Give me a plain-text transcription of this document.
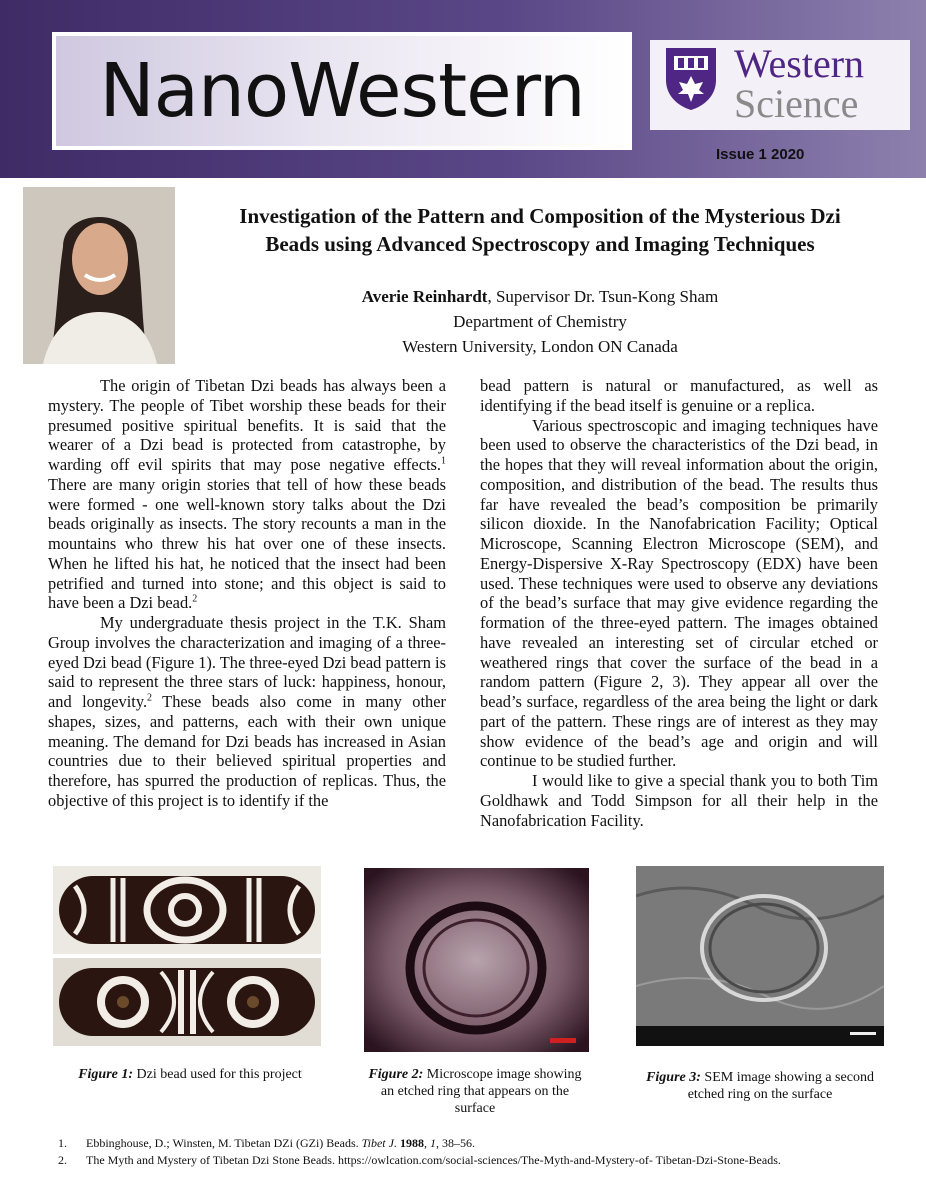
NanoWestern	Western
Science
Issue 1 2020
Investigation of the Pattern and Composition of the Mysterious Dzi
Beads using Advanced Spectroscopy and Imaging Techniques
Averie Reinhardt, Supervisor Dr. Tsun-Kong Sham
Department of Chemistry
Western University, London ON Canada

The origin of Tibetan Dzi beads has always been a mystery. The people of Tibet worship these beads for their presumed positive spiritual benefits. It is said that the wearer of a Dzi bead is protected from catastrophe, by warding off evil spirits that may pose negative effects.$^1$ There are many origin stories that tell of how these beads were formed - one well-known story talks about the Dzi beads originally as insects. The story recounts a man in the mountains who threw his hat over one of these insects. When he lifted his hat, he noticed that the insect had been petrified and turned into stone; and this object is said to have been a Dzi bead.$^2$

My undergraduate thesis project in the T.K. Sham Group involves the characterization and imaging of a three-eyed Dzi bead (Figure 1). The three-eyed Dzi bead pattern is said to represent the three stars of luck: happiness, honour, and longevity.$^2$ These beads also come in many other shapes, sizes, and patterns, each with their own unique meaning. The demand for Dzi beads has increased in Asian countries due to their believed spiritual properties and therefore, has spurred the production of replicas. Thus, the objective of this project is to identify if the

bead pattern is natural or manufactured, as well as identifying if the bead itself is genuine or a replica.

Various spectroscopic and imaging techniques have been used to observe the characteristics of the Dzi bead, in the hopes that they will reveal information about the origin, composition, and distribution of the bead. The results thus far have revealed the bead’s composition be primarily silicon dioxide. In the Nanofabrication Facility; Optical Microscope, Scanning Electron Microscope (SEM), and Energy-Dispersive X-Ray Spectroscopy (EDX) have been used. These techniques were used to observe any deviations of the bead’s surface that may give evidence regarding the formation of the three-eyed pattern. The images obtained have revealed an interesting set of circular etched or weathered rings that cover the surface of the bead in a random pattern (Figure 2, 3). They appear all over the bead’s surface, regardless of the area being the light or dark part of the pattern. These rings are of interest as they may show evidence of the bead’s age and origin and will continue to be studied further.

I would like to give a special thank you to both Tim Goldhawk and Todd Simpson for all their help in the Nanofabrication Facility.

Figure 1: Dzi bead used for this project	Figure 2: Microscope image showing an etched ring that appears on the surface
Figure 3: SEM image showing a second etched ring on the surface
1.	Ebbinghouse, D.; Winsten, M. Tibetan DZi (GZi) Beads. Tibet J. 1988, 1, 38–56.
2.	The Myth and Mystery of Tibetan Dzi Stone Beads. https://owlcation.com/social-sciences/The-Myth-and-Mystery-of- Tibetan-Dzi-Stone-Beads.
